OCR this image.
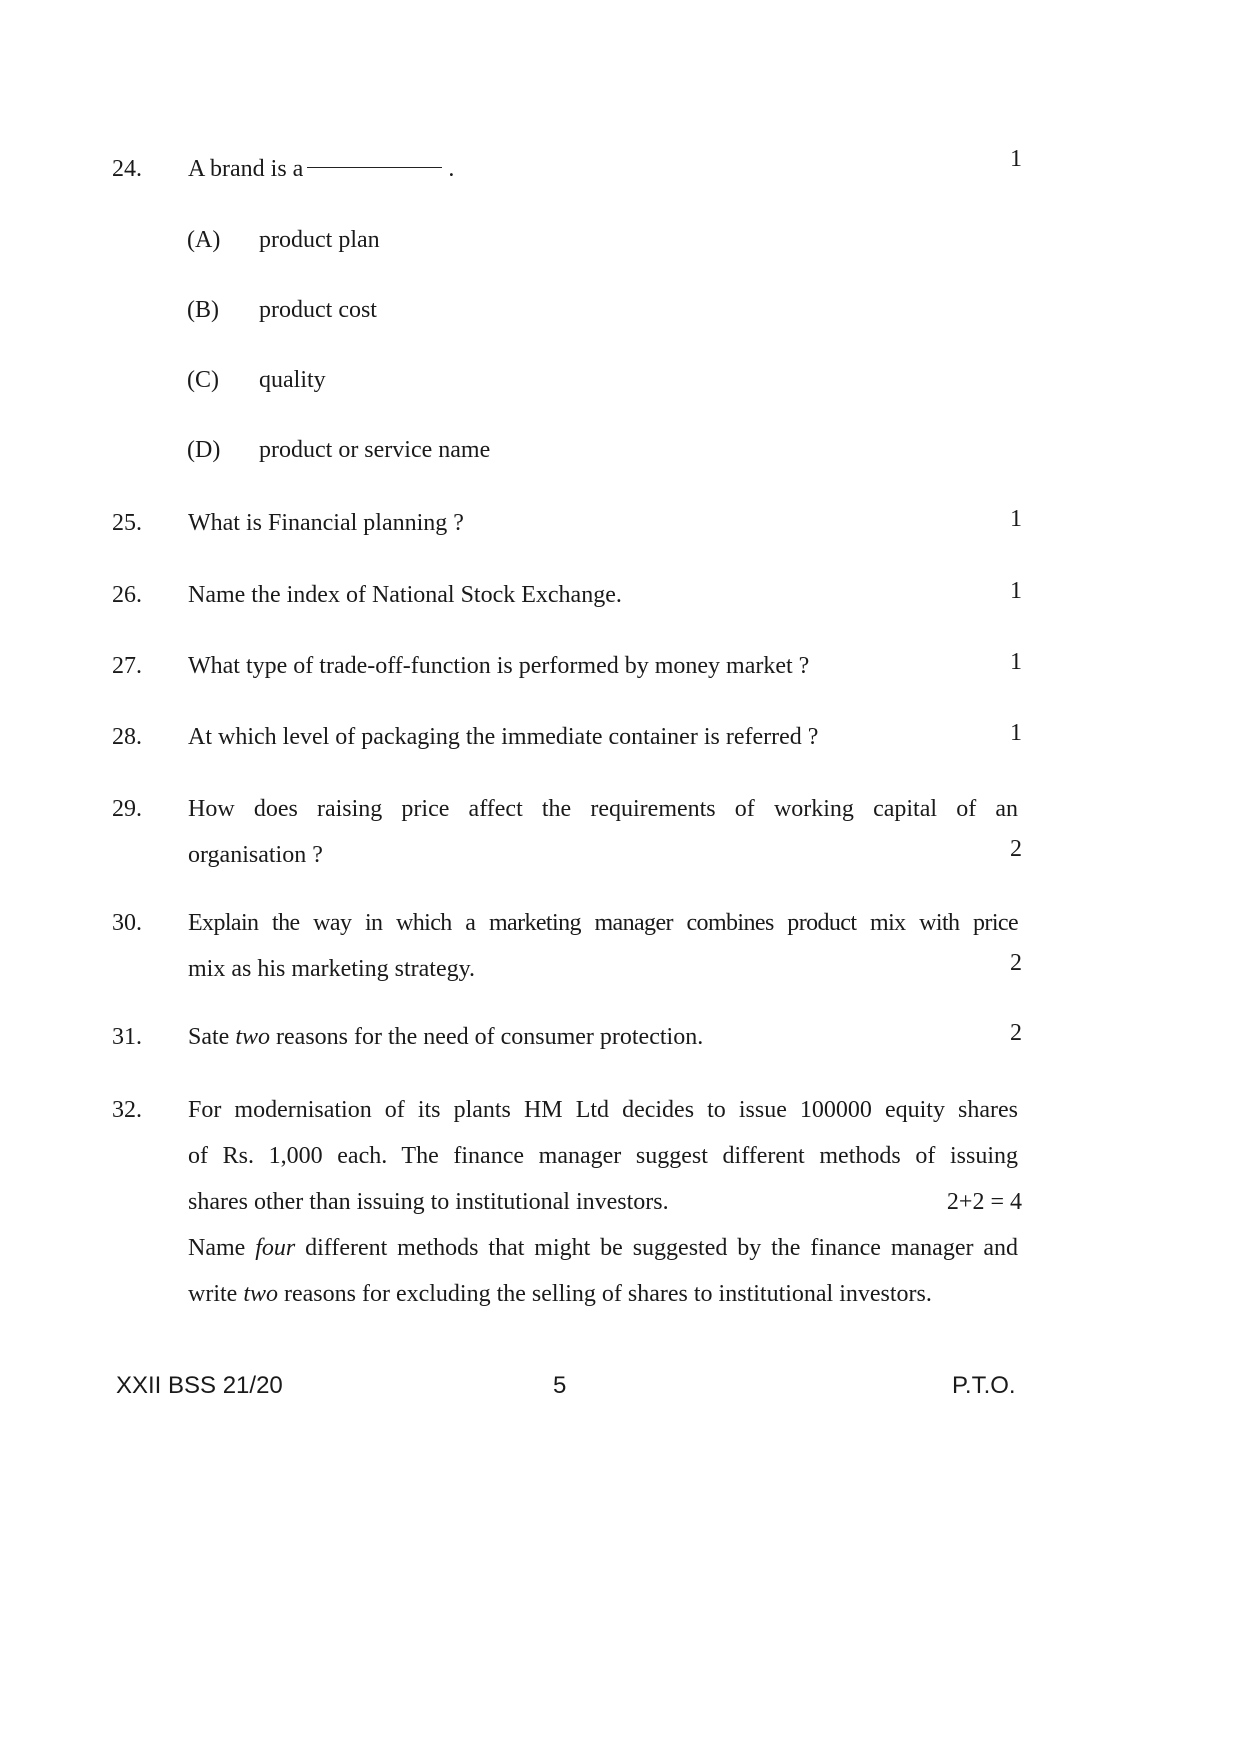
24. A brand is a	.	1
(A) product plan
(B) product cost
(C) quality
(D) product or service name
25. What is Financial planning ?	1
26. Name the index of National Stock Exchange.	1
27. What type of trade-off-function is performed by money market ?	1
28. At which level of packaging the immediate container is referred ?	1
29. How does raising price affect the requirements of working capital of an
organisation ?	2
30. Explain the way in which a marketing manager combines product mix with price
mix as his marketing strategy.	2
31. Sate two reasons for the need of consumer protection.	2
32. For modernisation of its plants HM Ltd decides to issue 100000 equity shares
of Rs. 1,000 each. The finance manager suggest different methods of issuing
shares other than issuing to institutional investors.
Name four different methods that might be suggested by the finance manager and write two reasons for excluding the selling of shares to institutional investors.
2+2 = 4
XXII BSS 21/20	5	P.T.O.
